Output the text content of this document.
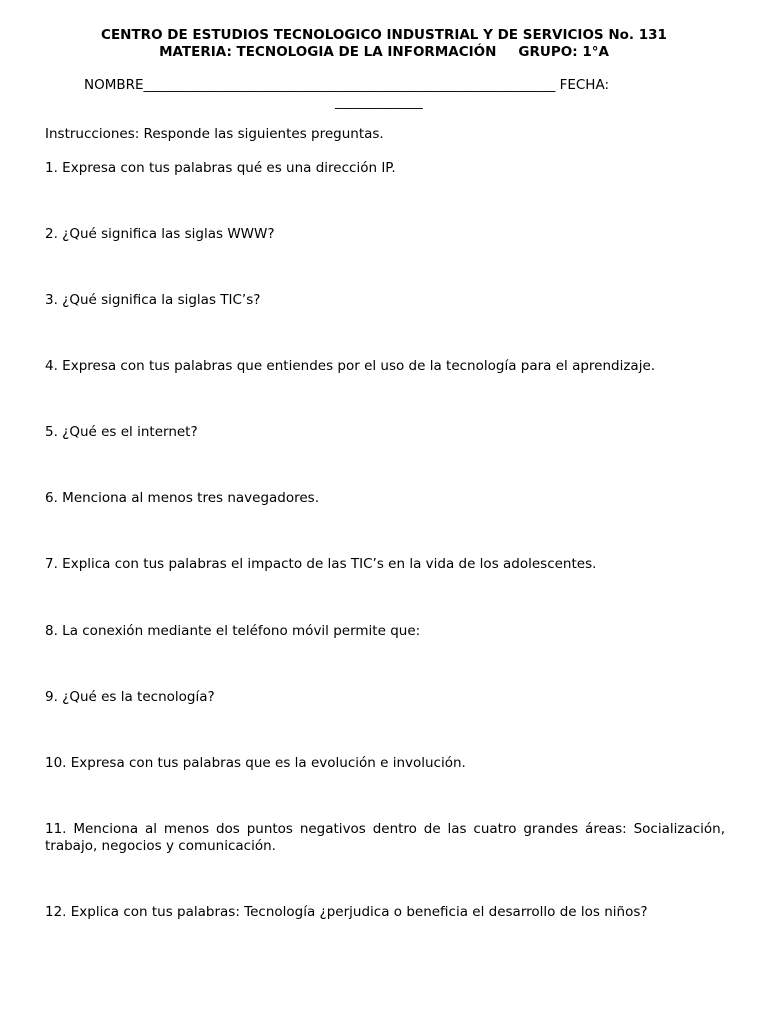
CENTRO DE ESTUDIOS TECNOLOGICO INDUSTRIAL Y DE SERVICIOS No. 131
MATERIA: TECNOLOGIA DE LA INFORMACIÓN GRUPO: 1°A
NOMBRE_____________________________________________________________ FECHA:
_____________
Instrucciones: Responde las siguientes preguntas.
1. Expresa con tus palabras qué es una dirección IP.
2. ¿Qué significa las siglas WWW?
3. ¿Qué significa la siglas TIC’s?
4. Expresa con tus palabras que entiendes por el uso de la tecnología para el aprendizaje.
5. ¿Qué es el internet?
6. Menciona al menos tres navegadores.
7. Explica con tus palabras el impacto de las TIC’s en la vida de los adolescentes.
8. La conexión mediante el teléfono móvil permite que:
9. ¿Qué es la tecnología?
10. Expresa con tus palabras que es la evolución e involución.
11. Menciona al menos dos puntos negativos dentro de las cuatro grandes áreas: Socialización, trabajo, negocios y comunicación.
12. Explica con tus palabras: Tecnología ¿perjudica o beneficia el desarrollo de los niños?
